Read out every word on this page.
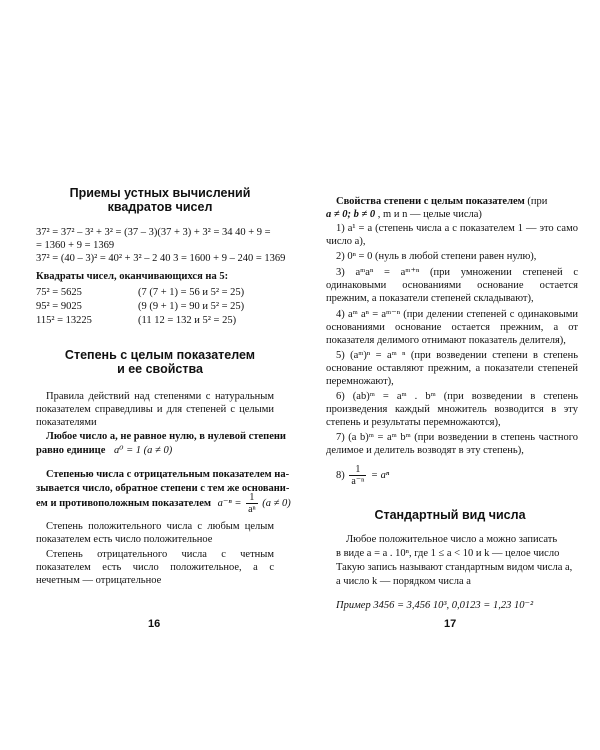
Приемы устных вычислений

квадратов чисел

37² = 37² – 3² + 3² = (37 – 3)(37 + 3) + 3² = 34 40 + 9 =

= 1360 + 9 = 1369

37² = (40 – 3)² = 40² + 3² – 2 40 3 = 1600 + 9 – 240 = 1369

Квадраты чисел, оканчивающихся на 5:

75² = 5625	(7 (7 + 1) = 56 и 5² = 25)

95² = 9025	(9 (9 + 1) = 90 и 5² = 25)

115² = 13225	(11 12 = 132 и 5² = 25)

Степень с целым показателем

и ее свойства

Правила действий над степенями с натуральным показателем справедливы и для степеней с целыми показателями

Любое число a, не равное нулю, в нулевой степени

равно единице a⁰ = 1 (a ≠ 0)

Степенью числа с отрицательным показателем на-

зывается число, обратное степени с тем же основани-

ем и противоположным показателем $a^{-n} = \frac{1}{\text{aⁿ}} (a \ne 0)$

Степень положительного числа с любым целым показателем есть число положительное

Степень отрицательного числа с четным показателем есть число положительное, а с нечетным — отрицательное

16

Свойства степени с целым показателем (при

a ≠ 0; b ≠ 0 , m и n — целые числа)

1) a¹ = a (степень числа a с показателем 1 — это само число a),

2) 0ⁿ = 0 (нуль в любой степени равен нулю),

3) aᵐaⁿ = aᵐ⁺ⁿ (при умножении степеней с одинаковыми основаниями основание остается прежним, а показатели степеней складывают),

4) aᵐ aⁿ = aᵐ⁻ⁿ (при делении степеней с одинаковыми основаниями основание остается прежним, а от показателя делимого отнимают показатель делителя),

5) (aᵐ)ⁿ = aᵐ ⁿ (при возведении степени в степень основание оставляют прежним, а показатели степеней перемножают),

6) (ab)ᵐ = aᵐ . bᵐ (при возведении в степень произведения каждый множитель возводится в эту степень и результаты перемножаются),

7) (a b)ᵐ = aᵐ bᵐ (при возведении в степень частного делимое и делитель возводят в эту степень),

$8) \frac{1}{\text{a⁻ⁿ}} = a^n$

Стандартный вид числа

Любое положительное число a можно записать

в виде a = a . 10ⁿ, где 1 ≤ a < 10 и k — целое число

Такую запись называют стандартным видом числа a,

а число k — порядком числа a

Пример 3456 = 3,456 10³, 0,0123 = 1,23 10⁻²

17
